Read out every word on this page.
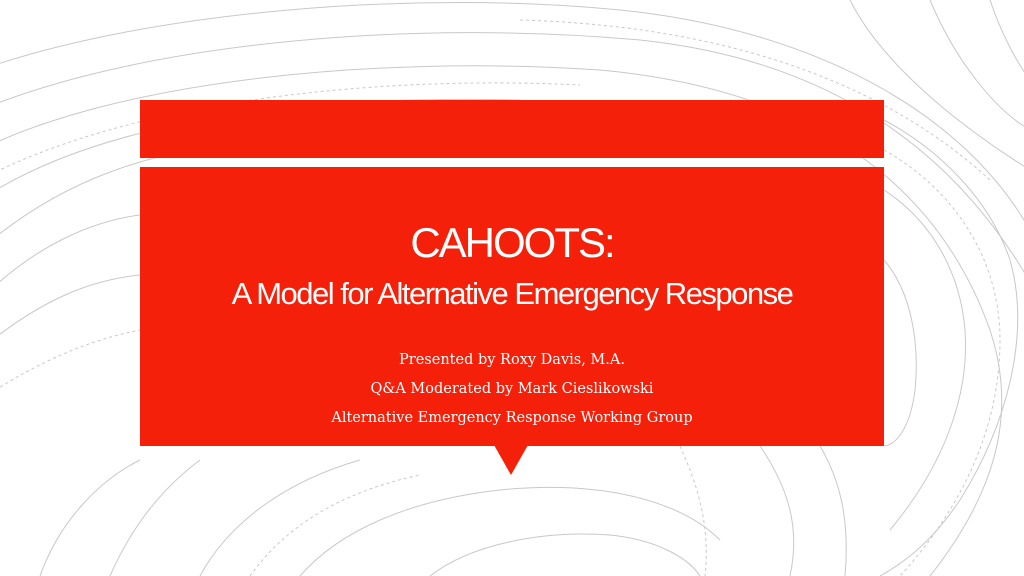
CAHOOTS:
A Model for Alternative Emergency Response
Presented by Roxy Davis, M.A.
Q&A Moderated by Mark Cieslikowski
Alternative Emergency Response Working Group
